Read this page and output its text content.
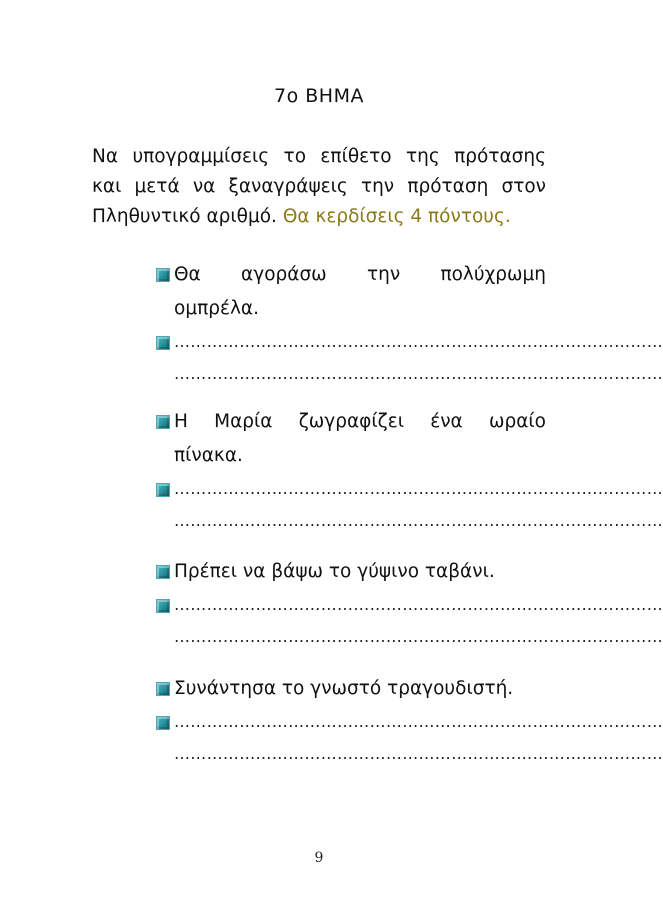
7ο ΒΗΜΑ
Να υπογραμμίσεις το επίθετο της πρότασης
και μετά να ξαναγράψεις την πρόταση στον
Πληθυντικό αριθμό. Θα κερδίσεις 4 πόντους.
Θα αγοράσω την πολύχρωμη
ομπρέλα.
………………………………………………………………………………
………………………………………………………………………………
Η Μαρία ζωγραφίζει ένα ωραίο
πίνακα.
………………………………………………………………………………
………………………………………………………………………………
Πρέπει να βάψω το γύψινο ταβάνι.
………………………………………………………………………………
………………………………………………………………………………
Συνάντησα το γνωστό τραγουδιστή.
………………………………………………………………………………
………………………………………………………………………………
9
